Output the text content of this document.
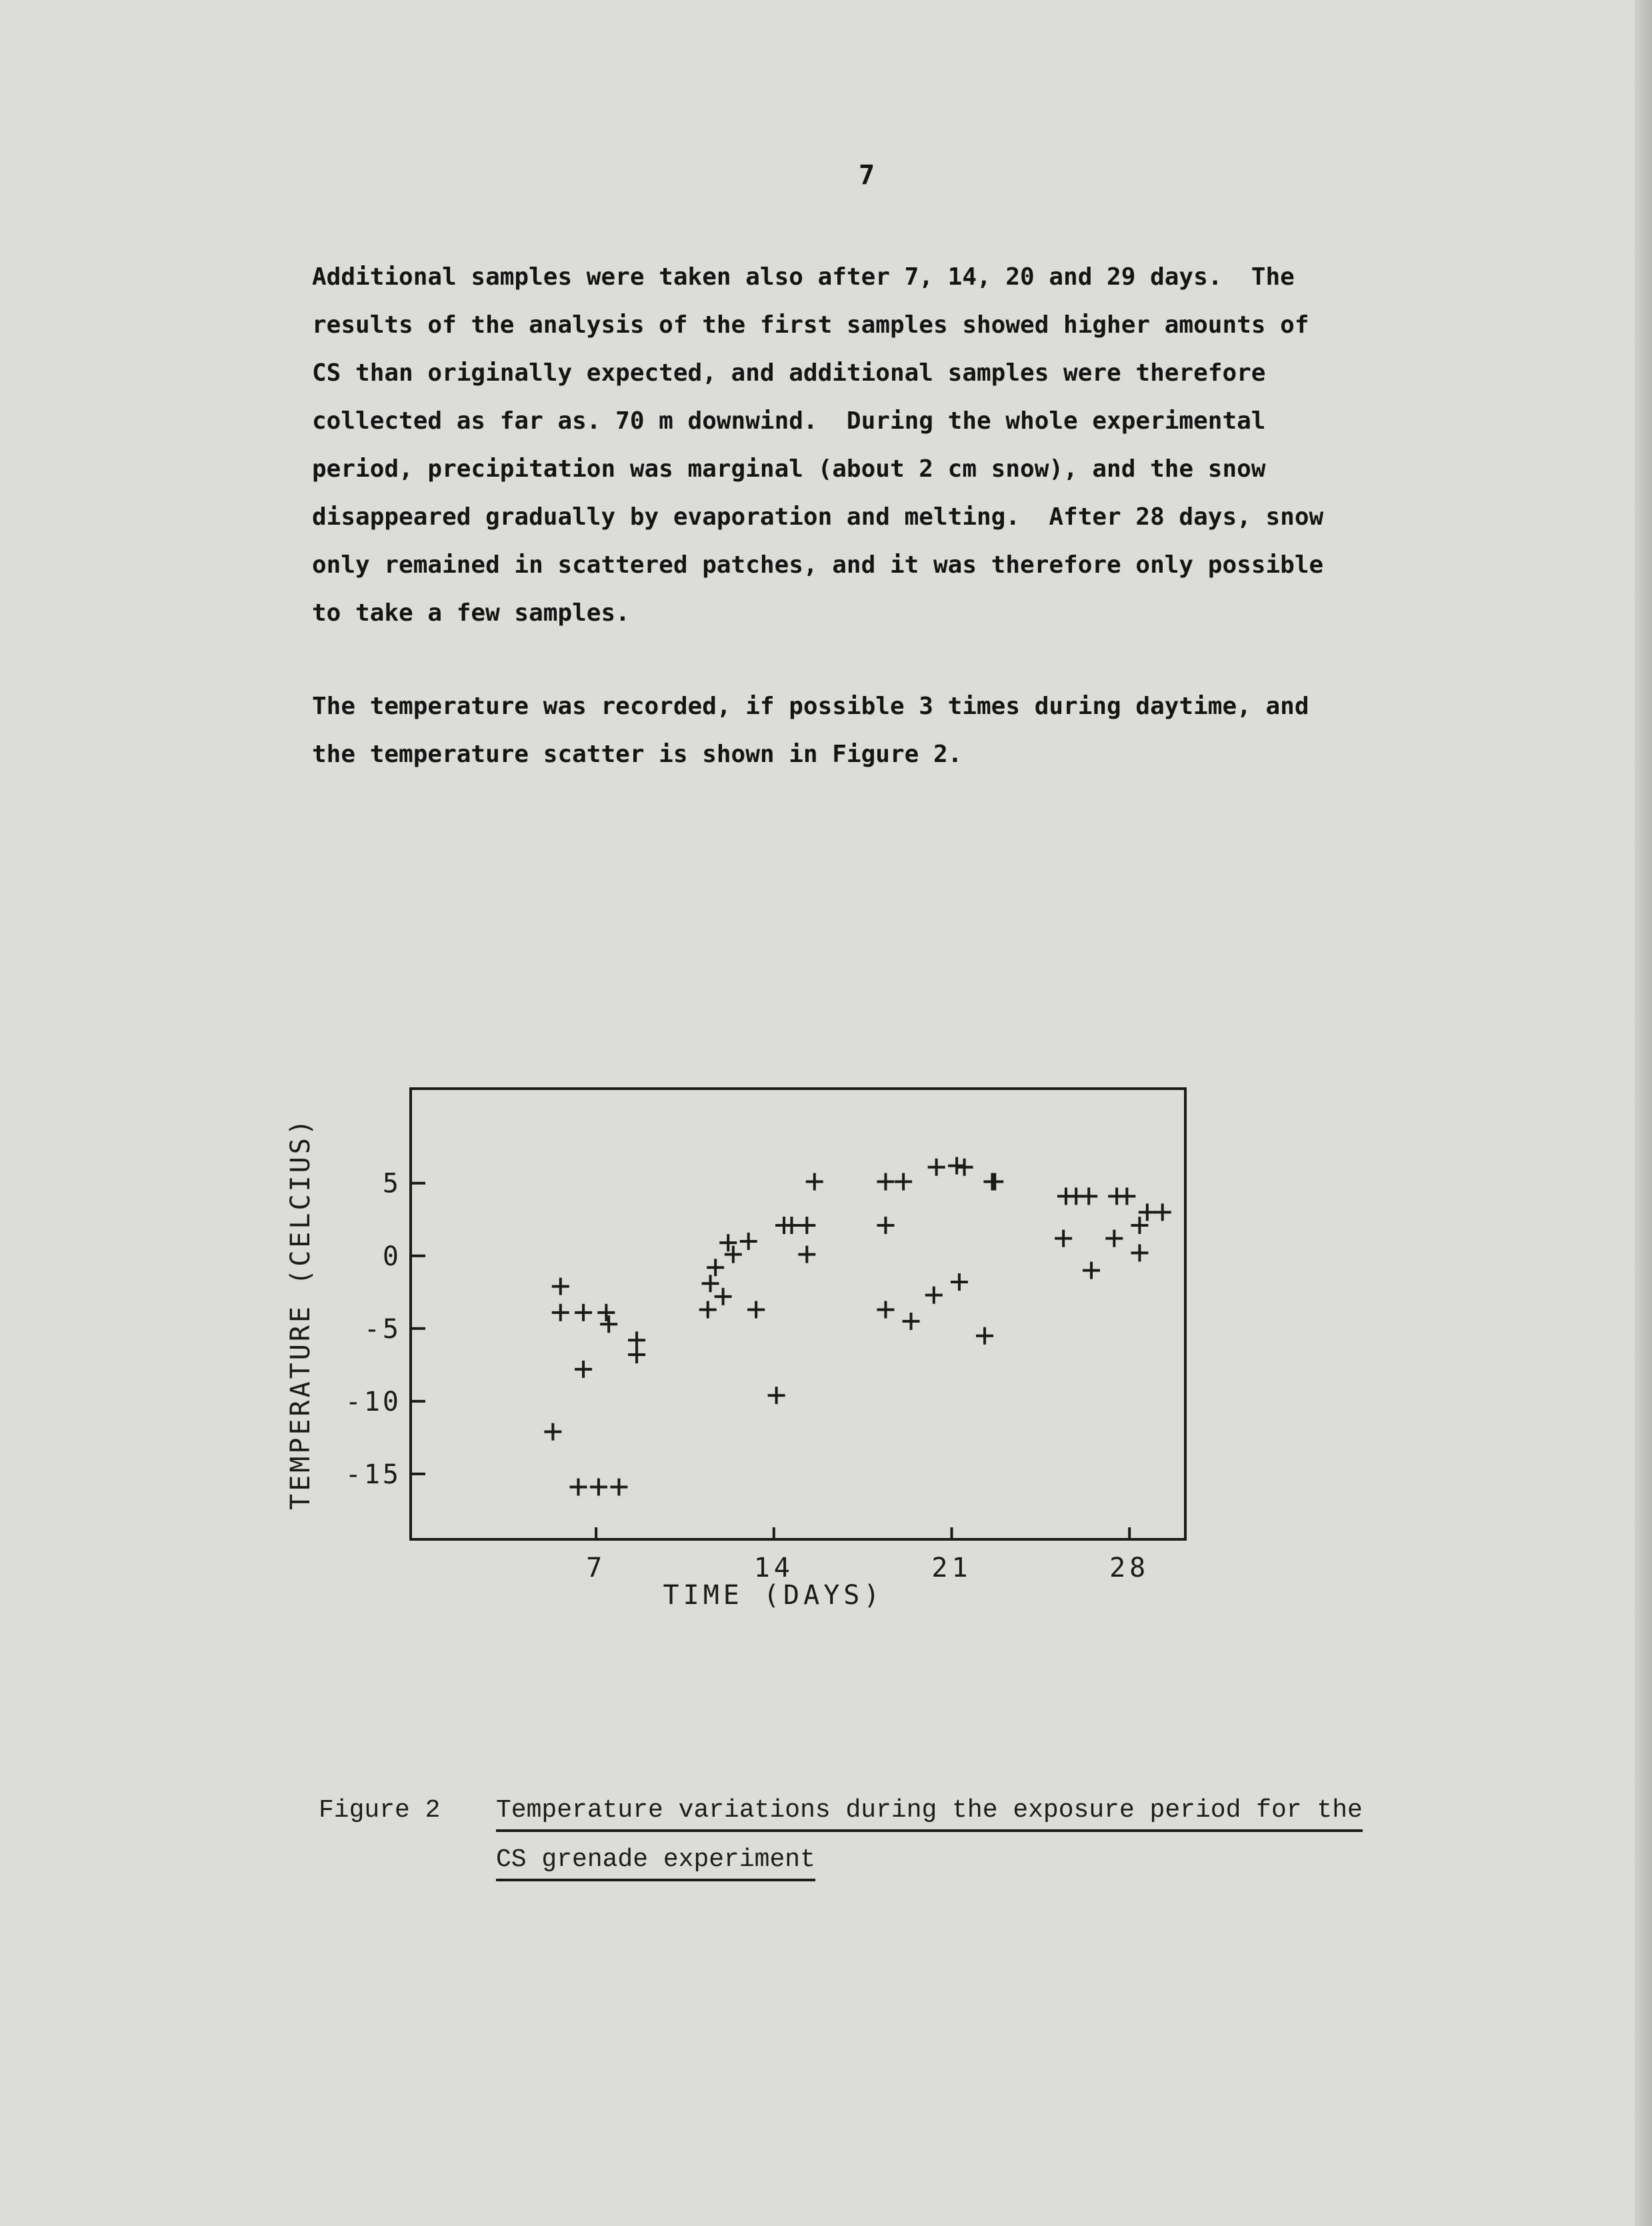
7
Additional samples were taken also after 7, 14, 20 and 29 days.  The
results of the analysis of the first samples showed higher amounts of
CS than originally expected, and additional samples were therefore
collected as far as. 70 m downwind.  During the whole experimental
period, precipitation was marginal (about 2 cm snow), and the snow
disappeared gradually by evaporation and melting.  After 28 days, snow
only remained in scattered patches, and it was therefore only possible
to take a few samples.
The temperature was recorded, if possible 3 times during daytime, and
the temperature scatter is shown in Figure 2.
5
0
-5
-10
-15
7	14	21	28
TIME (DAYS)
TEMPERATURE (CELCIUS)
Figure 2 Temperature variations during the exposure period for the
CS grenade experiment
